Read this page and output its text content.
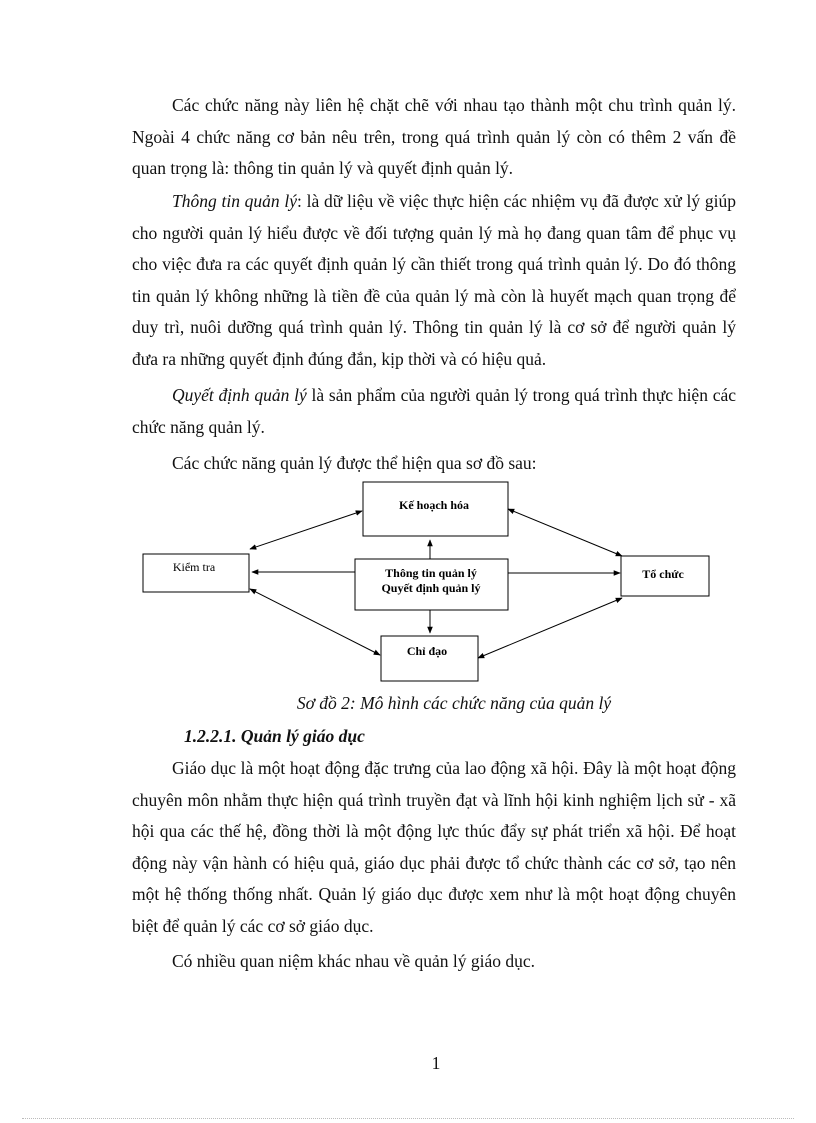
Các chức năng này liên hệ chặt chẽ với nhau tạo thành một chu trình quản lý. Ngoài 4 chức năng cơ bản nêu trên, trong quá trình quản lý còn có thêm 2 vấn đề quan trọng là: thông tin quản lý và quyết định quản lý.

Thông tin quản lý: là dữ liệu về việc thực hiện các nhiệm vụ đã được xử lý giúp cho người quản lý hiểu được về đối tượng quản lý mà họ đang quan tâm để phục vụ cho việc đưa ra các quyết định quản lý cần thiết trong quá trình quản lý. Do đó thông tin quản lý không những là tiền đề của quản lý mà còn là huyết mạch quan trọng để duy trì, nuôi dưỡng quá trình quản lý. Thông tin quản lý là cơ sở để người quản lý đưa ra những quyết định đúng đắn, kịp thời và có hiệu quả.

Quyết định quản lý là sản phẩm của người quản lý trong quá trình thực hiện các chức năng quản lý.

Các chức năng quản lý được thể hiện qua sơ đồ sau:

Kế hoạch hóa
Kiểm tra	Thông tin quản lý
Quyết định quản lý
Tổ chức
Chỉ đạo
Sơ đồ 2: Mô hình các chức năng của quản lý
1.2.2.1. Quản lý giáo dục

Giáo dục là một hoạt động đặc trưng của lao động xã hội. Đây là một hoạt động chuyên môn nhằm thực hiện quá trình truyền đạt và lĩnh hội kinh nghiệm lịch sử - xã hội qua các thế hệ, đồng thời là một động lực thúc đẩy sự phát triển xã hội. Để hoạt động này vận hành có hiệu quả, giáo dục phải được tổ chức thành các cơ sở, tạo nên một hệ thống thống nhất. Quản lý giáo dục được xem như là một hoạt động chuyên biệt để quản lý các cơ sở giáo dục.

Có nhiều quan niệm khác nhau về quản lý giáo dục.

1
